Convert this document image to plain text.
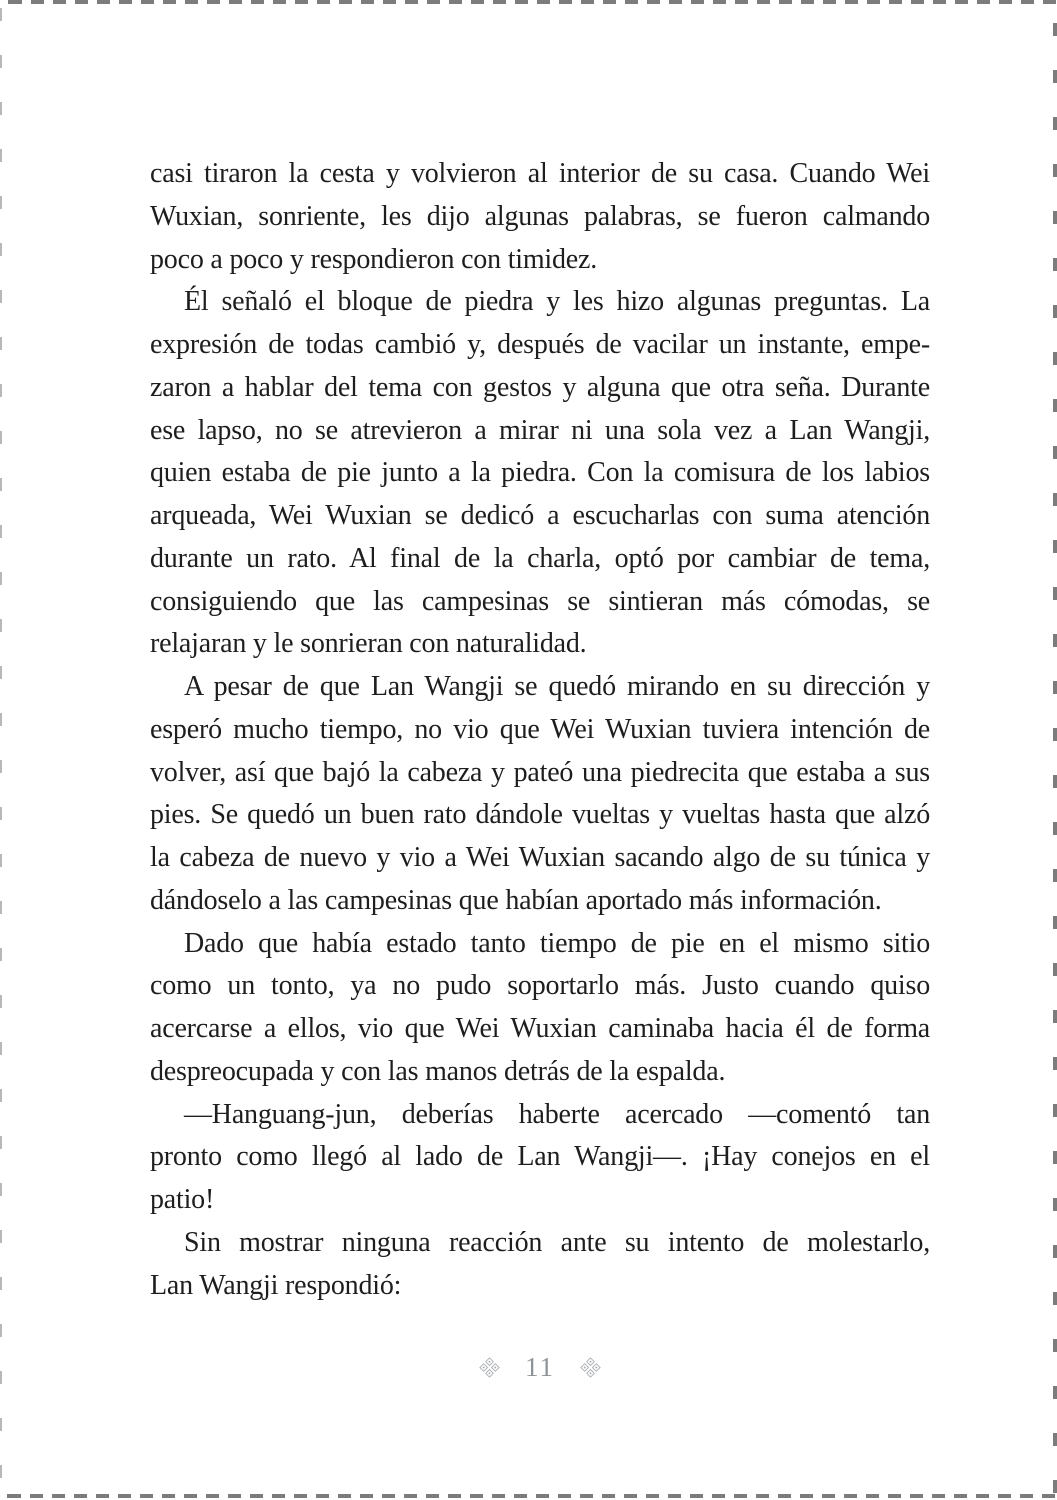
casi tiraron la cesta y volvieron al interior de su casa. Cuando Wei
Wuxian, sonriente, les dijo algunas palabras, se fueron calmando
poco a poco y respondieron con timidez.
Él señaló el bloque de piedra y les hizo algunas preguntas. La
expresión de todas cambió y, después de vacilar un instante, empe-
zaron a hablar del tema con gestos y alguna que otra seña. Durante
ese lapso, no se atrevieron a mirar ni una sola vez a Lan Wangji,
quien estaba de pie junto a la piedra. Con la comisura de los labios
arqueada, Wei Wuxian se dedicó a escucharlas con suma atención
durante un rato. Al final de la charla, optó por cambiar de tema,
consiguiendo que las campesinas se sintieran más cómodas, se
relajaran y le sonrieran con naturalidad.
A pesar de que Lan Wangji se quedó mirando en su dirección y
esperó mucho tiempo, no vio que Wei Wuxian tuviera intención de
volver, así que bajó la cabeza y pateó una piedrecita que estaba a sus
pies. Se quedó un buen rato dándole vueltas y vueltas hasta que alzó
la cabeza de nuevo y vio a Wei Wuxian sacando algo de su túnica y
dándoselo a las campesinas que habían aportado más información.
Dado que había estado tanto tiempo de pie en el mismo sitio
como un tonto, ya no pudo soportarlo más. Justo cuando quiso
acercarse a ellos, vio que Wei Wuxian caminaba hacia él de forma
despreocupada y con las manos detrás de la espalda.
—Hanguang-jun, deberías haberte acercado —comentó tan
pronto como llegó al lado de Lan Wangji—. ¡Hay conejos en el
patio!
Sin mostrar ninguna reacción ante su intento de molestarlo,
Lan Wangji respondió:
11
